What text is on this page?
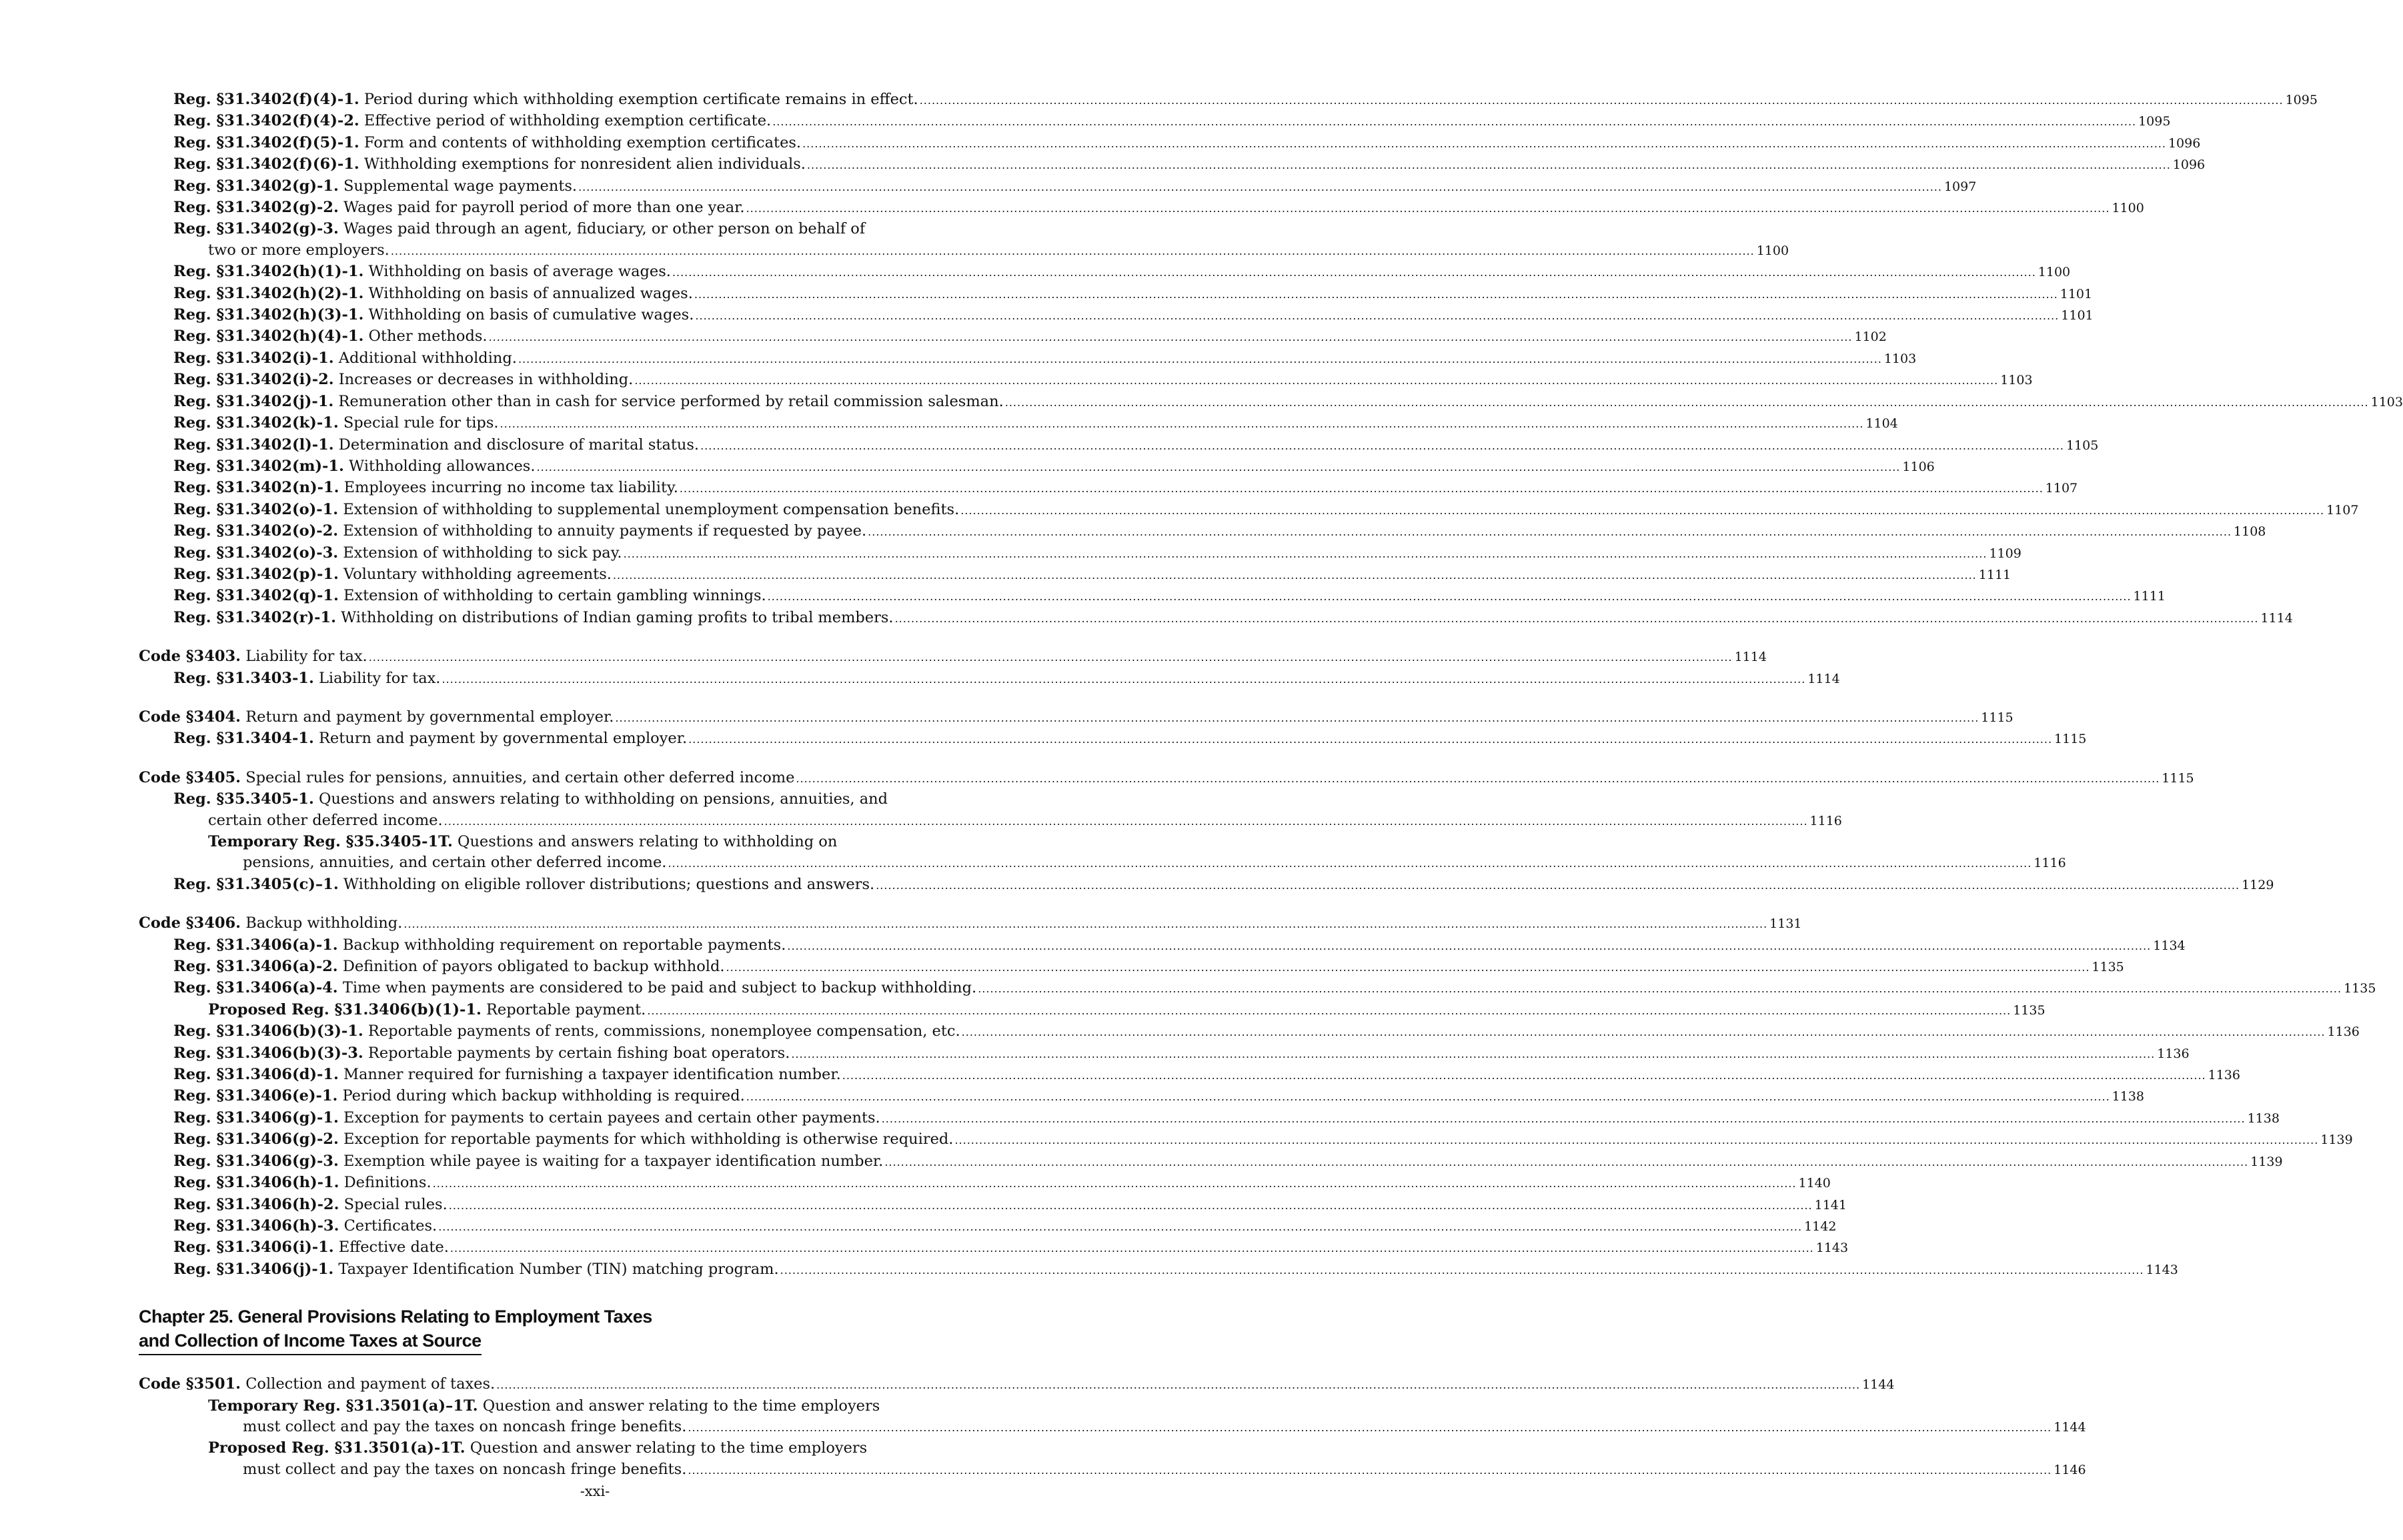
Reg. §31.3402(f)(4)-1. Period during which withholding exemption certificate remains in effect. .....	1095
Reg. §31.3402(f)(4)-2. Effective period of withholding exemption certificate. .....	1095
Reg. §31.3402(f)(5)-1. Form and contents of withholding exemption certificates. .....	1096
Reg. §31.3402(f)(6)-1. Withholding exemptions for nonresident alien individuals. .....	1096
Reg. §31.3402(g)-1. Supplemental wage payments. .....	1097
Reg. §31.3402(g)-2. Wages paid for payroll period of more than one year. .....	1100
Reg. §31.3402(g)-3. Wages paid through an agent, fiduciary, or other person on behalf of
two or more employers. .....	1100
Reg. §31.3402(h)(1)-1. Withholding on basis of average wages. .....	1100
Reg. §31.3402(h)(2)-1. Withholding on basis of annualized wages. .....	1101
Reg. §31.3402(h)(3)-1. Withholding on basis of cumulative wages. .....	1101
Reg. §31.3402(h)(4)-1. Other methods. .....	1102
Reg. §31.3402(i)-1. Additional withholding. .....	1103
Reg. §31.3402(i)-2. Increases or decreases in withholding. .....	1103
Reg. §31.3402(j)-1. Remuneration other than in cash for service performed by retail commission salesman. .....	1103
Reg. §31.3402(k)-1. Special rule for tips. .....	1104
Reg. §31.3402(l)-1. Determination and disclosure of marital status. .....	1105
Reg. §31.3402(m)-1. Withholding allowances. .....	1106
Reg. §31.3402(n)-1. Employees incurring no income tax liability. .....	1107
Reg. §31.3402(o)-1. Extension of withholding to supplemental unemployment compensation benefits. .....	1107
Reg. §31.3402(o)-2. Extension of withholding to annuity payments if requested by payee. .....	1108
Reg. §31.3402(o)-3. Extension of withholding to sick pay. .....	1109
Reg. §31.3402(p)-1. Voluntary withholding agreements. .....	1111
Reg. §31.3402(q)-1. Extension of withholding to certain gambling winnings. .....	1111
Reg. §31.3402(r)-1. Withholding on distributions of Indian gaming profits to tribal members. .....	1114
Code §3403. Liability for tax. .....	1114
Reg. §31.3403-1. Liability for tax. .....	1114
Code §3404. Return and payment by governmental employer. .....	1115
Reg. §31.3404-1. Return and payment by governmental employer. .....	1115
Code §3405. Special rules for pensions, annuities, and certain other deferred income .....	1115
Reg. §35.3405-1. Questions and answers relating to withholding on pensions, annuities, and
certain other deferred income. .....	1116
Temporary Reg. §35.3405-1T. Questions and answers relating to withholding on
pensions, annuities, and certain other deferred income. .....	1116
Reg. §31.3405(c)–1. Withholding on eligible rollover distributions; questions and answers. .....	1129
Code §3406. Backup withholding. .....	1131
Reg. §31.3406(a)-1. Backup withholding requirement on reportable payments. .....	1134
Reg. §31.3406(a)-2. Definition of payors obligated to backup withhold. .....	1135
Reg. §31.3406(a)-4. Time when payments are considered to be paid and subject to backup withholding. .....	1135
Proposed Reg. §31.3406(b)(1)-1. Reportable payment. .....	1135
Reg. §31.3406(b)(3)-1. Reportable payments of rents, commissions, nonemployee compensation, etc. .....	1136
Reg. §31.3406(b)(3)-3. Reportable payments by certain fishing boat operators. .....	1136
Reg. §31.3406(d)-1. Manner required for furnishing a taxpayer identification number. .....	1136
Reg. §31.3406(e)-1. Period during which backup withholding is required. .....	1138
Reg. §31.3406(g)-1. Exception for payments to certain payees and certain other payments. .....	1138
Reg. §31.3406(g)-2. Exception for reportable payments for which withholding is otherwise required. .....	1139
Reg. §31.3406(g)-3. Exemption while payee is waiting for a taxpayer identification number. .....	1139
Reg. §31.3406(h)-1. Definitions. .....	1140
Reg. §31.3406(h)-2. Special rules. .....	1141
Reg. §31.3406(h)-3. Certificates. .....	1142
Reg. §31.3406(i)-1. Effective date. .....	1143
Reg. §31.3406(j)-1. Taxpayer Identification Number (TIN) matching program. .....	1143
Chapter 25. General Provisions Relating to Employment Taxes
and Collection of Income Taxes at Source
Code §3501. Collection and payment of taxes. .....	1144
Temporary Reg. §31.3501(a)–1T. Question and answer relating to the time employers
must collect and pay the taxes on noncash fringe benefits. .....	1144
Proposed Reg. §31.3501(a)-1T. Question and answer relating to the time employers
must collect and pay the taxes on noncash fringe benefits. .....	1146
-xxi-
